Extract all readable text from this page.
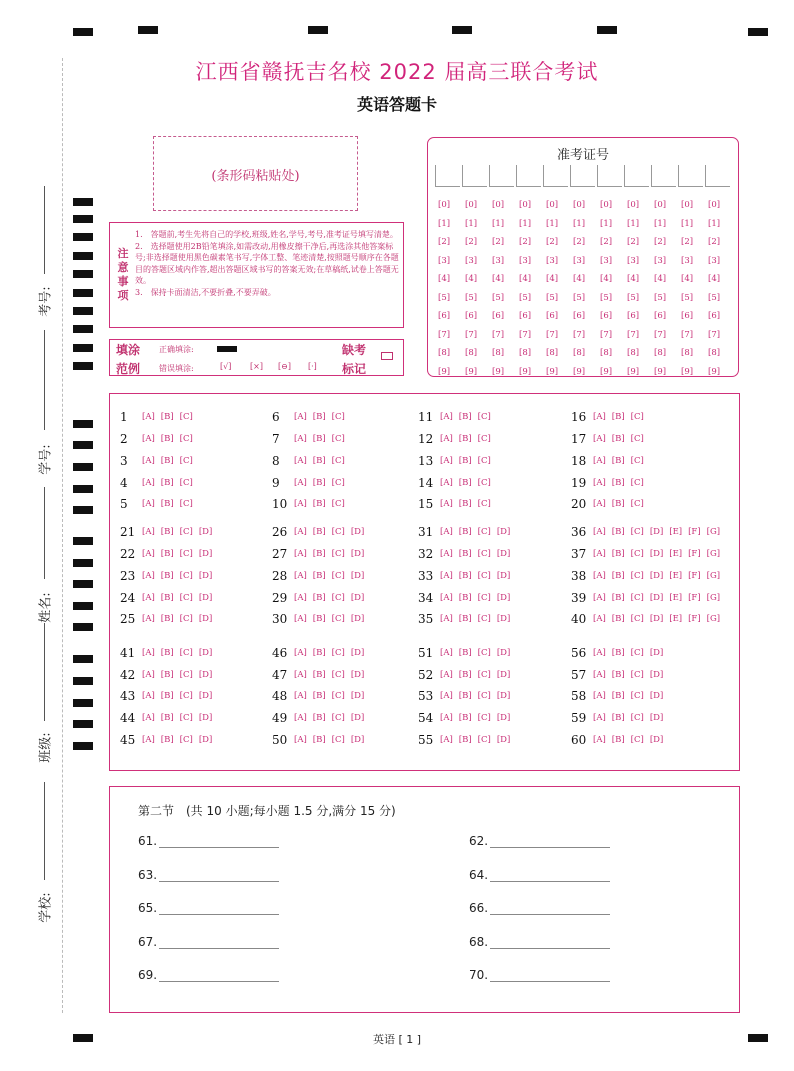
江西省赣抚吉名校 2022 届高三联合考试
英语答题卡
(条形码粘贴处)
考号:
学号:
姓名:
班级:
学校:
准考证号
[0]	[0]	[0]	[0]	[0]	[0]	[0]	[0]	[0]	[0]	[0]
[1]	[1]	[1]	[1]	[1]	[1]	[1]	[1]	[1]	[1]	[1]
[2]	[2]	[2]	[2]	[2]	[2]	[2]	[2]	[2]	[2]	[2]
[3]	[3]	[3]	[3]	[3]	[3]	[3]	[3]	[3]	[3]	[3]
[4]	[4]	[4]	[4]	[4]	[4]	[4]	[4]	[4]	[4]	[4]
[5]	[5]	[5]	[5]	[5]	[5]	[5]	[5]	[5]	[5]	[5]
[6]	[6]	[6]	[6]	[6]	[6]	[6]	[6]	[6]	[6]	[6]
[7]	[7]	[7]	[7]	[7]	[7]	[7]	[7]	[7]	[7]	[7]
[8]	[8]	[8]	[8]	[8]	[8]	[8]	[8]	[8]	[8]	[8]
[9]	[9]	[9]	[9]	[9]	[9]	[9]	[9]	[9]	[9]	[9]
注意事项
1.　答题前,考生先将自己的学校,班级,姓名,学号,考号,准考证号填写清楚。
2.　选择题使用2B铅笔填涂,如需改动,用橡皮擦干净后,再选涂其他答案标号;非选择题使用黑色碳素笔书写,字体工整、笔迹清楚,按照题号顺序在各题目的答题区域内作答,超出答题区域书写的答案无效;在草稿纸,试卷上答题无效。
3.　保持卡面清洁,不要折叠,不要弄破。
填涂
范例
正确填涂:
错误填涂:	[√] [×] [⊖] [·]
缺考
标记
1	[A] [B] [C]
2	[A] [B] [C]
3	[A] [B] [C]
4	[A] [B] [C]
5	[A] [B] [C]
6	[A] [B] [C]
7	[A] [B] [C]
8	[A] [B] [C]
9	[A] [B] [C]
10 [A] [B] [C]
11 [A] [B] [C]
12 [A] [B] [C]
13 [A] [B] [C]
14 [A] [B] [C]
15 [A] [B] [C]
16 [A] [B] [C]
17 [A] [B] [C]
18 [A] [B] [C]
19 [A] [B] [C]
20 [A] [B] [C]
21 [A] [B] [C] [D]
22 [A] [B] [C] [D]
23 [A] [B] [C] [D]
24 [A] [B] [C] [D]
25 [A] [B] [C] [D]
26 [A] [B] [C] [D]
27 [A] [B] [C] [D]
28 [A] [B] [C] [D]
29 [A] [B] [C] [D]
30 [A] [B] [C] [D]
31 [A] [B] [C] [D]
32 [A] [B] [C] [D]
33 [A] [B] [C] [D]
34 [A] [B] [C] [D]
35 [A] [B] [C] [D]
36 [A] [B] [C] [D] [E] [F] [G]
37 [A] [B] [C] [D] [E] [F] [G]
38 [A] [B] [C] [D] [E] [F] [G]
39 [A] [B] [C] [D] [E] [F] [G]
40 [A] [B] [C] [D] [E] [F] [G]
41 [A] [B] [C] [D]
42 [A] [B] [C] [D]
43 [A] [B] [C] [D]
44 [A] [B] [C] [D]
45 [A] [B] [C] [D]
46 [A] [B] [C] [D]
47 [A] [B] [C] [D]
48 [A] [B] [C] [D]
49 [A] [B] [C] [D]
50 [A] [B] [C] [D]
51 [A] [B] [C] [D]
52 [A] [B] [C] [D]
53 [A] [B] [C] [D]
54 [A] [B] [C] [D]
55 [A] [B] [C] [D]
56 [A] [B] [C] [D]
57 [A] [B] [C] [D]
58 [A] [B] [C] [D]
59 [A] [B] [C] [D]
60 [A] [B] [C] [D]
第二节　(共 10 小题;每小题 1.5 分,满分 15 分)
61.	62.
63.	64.
65.	66.
67.	68.
69.	70.
英语 [ 1 ]
